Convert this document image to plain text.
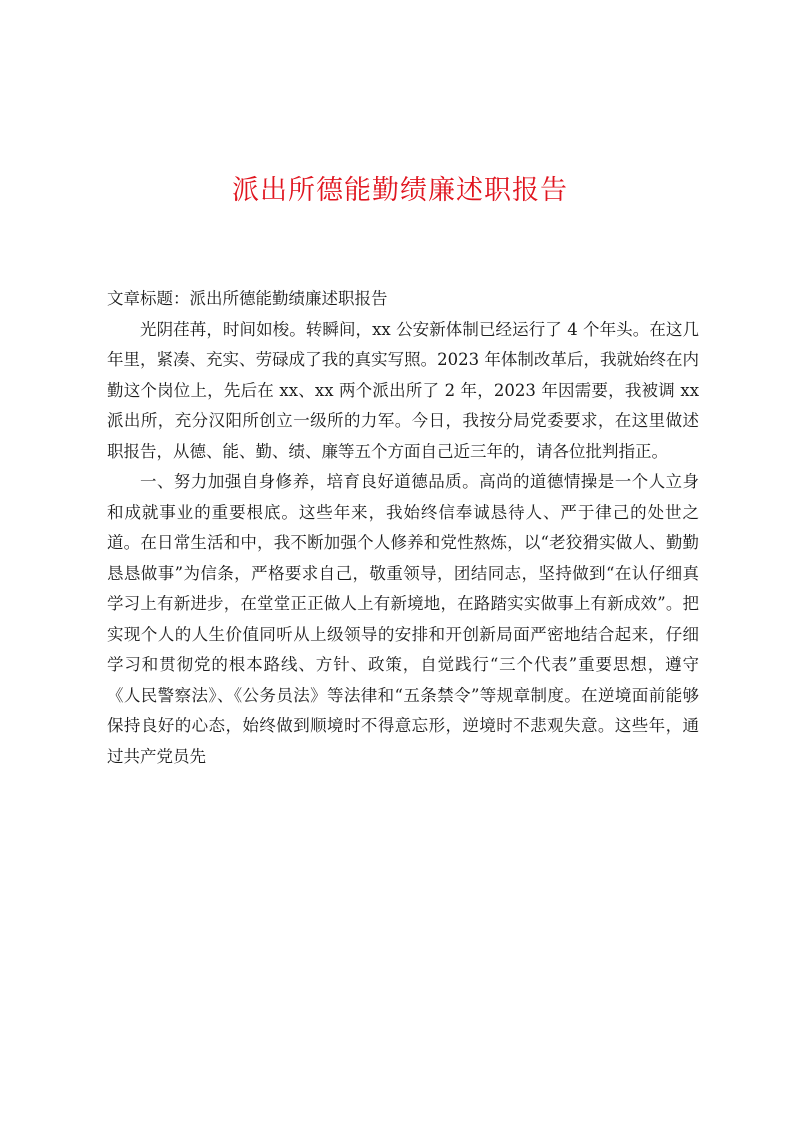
派出所德能勤绩廉述职报告

文章标题：派出所德能勤绩廉述职报告

光阴荏苒，时间如梭。转瞬间，xx 公安新体制已经运行了 4 个年头。在这几年里，紧凑、充实、劳碌成了我的真实写照。2023 年体制改革后，我就始终在内勤这个岗位上，先后在 xx、xx 两个派出所了 2 年，2023 年因需要，我被调 xx 派出所，充分汉阳所创立一级所的力军。今日，我按分局党委要求，在这里做述职报告，从德、能、勤、绩、廉等五个方面自己近三年的，请各位批判指正。

一、努力加强自身修养，培育良好道德品质。高尚的道德情操是一个人立身和成就事业的重要根底。这些年来，我始终信奉诚恳待人、严于律己的处世之道。在日常生活和中，我不断加强个人修养和党性熬炼，以“老狡猾实做人、勤勤恳恳做事”为信条，严格要求自己，敬重领导，团结同志，坚持做到“在认仔细真学习上有新进步，在堂堂正正做人上有新境地，在路踏实实做事上有新成效”。把实现个人的人生价值同听从上级领导的安排和开创新局面严密地结合起来，仔细学习和贯彻党的根本路线、方针、政策，自觉践行“三个代表”重要思想，遵守《人民警察法》、《公务员法》等法律和“五条禁令”等规章制度。在逆境面前能够保持良好的心态，始终做到顺境时不得意忘形，逆境时不悲观失意。这些年，通过共产党员先
